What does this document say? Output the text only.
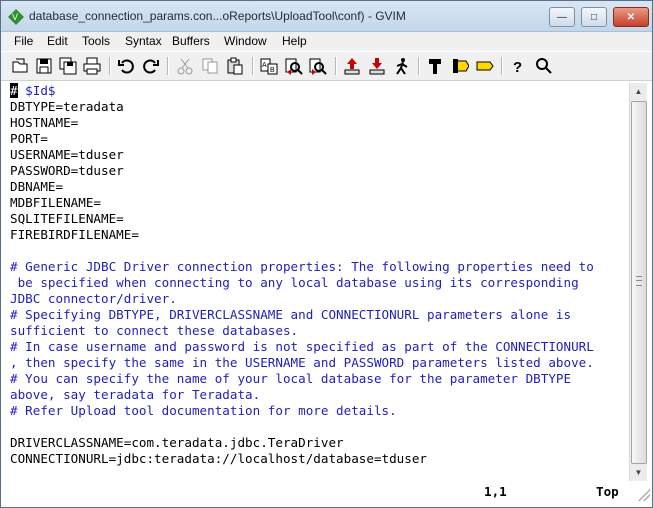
V database_connection_params.con...oReports\UploadTool\conf) - GVIM	—	□	✕
File Edit Tools Syntax Buffers Window Help
A
B	?
# $Id$
DBTYPE=teradata
HOSTNAME=
PORT=
USERNAME=tduser
PASSWORD=tduser
DBNAME=
MDBFILENAME=
SQLITEFILENAME=
FIREBIRDFILENAME=
# Generic JDBC Driver connection properties: The following properties need to
be specified when connecting to any local database using its corresponding
JDBC connector/driver.
# Specifying DBTYPE, DRIVERCLASSNAME and CONNECTIONURL parameters alone is
sufficient to connect these databases.
# In case username and password is not specified as part of the CONNECTIONURL
, then specify the same in the USERNAME and PASSWORD parameters listed above.
# You can specify the name of your local database for the parameter DBTYPE
above, say teradata for Teradata.
# Refer Upload tool documentation for more details.
DRIVERCLASSNAME=com.teradata.jdbc.TeraDriver
CONNECTIONURL=jdbc:teradata://localhost/database=tduser
▲
▼
1,1	Top
